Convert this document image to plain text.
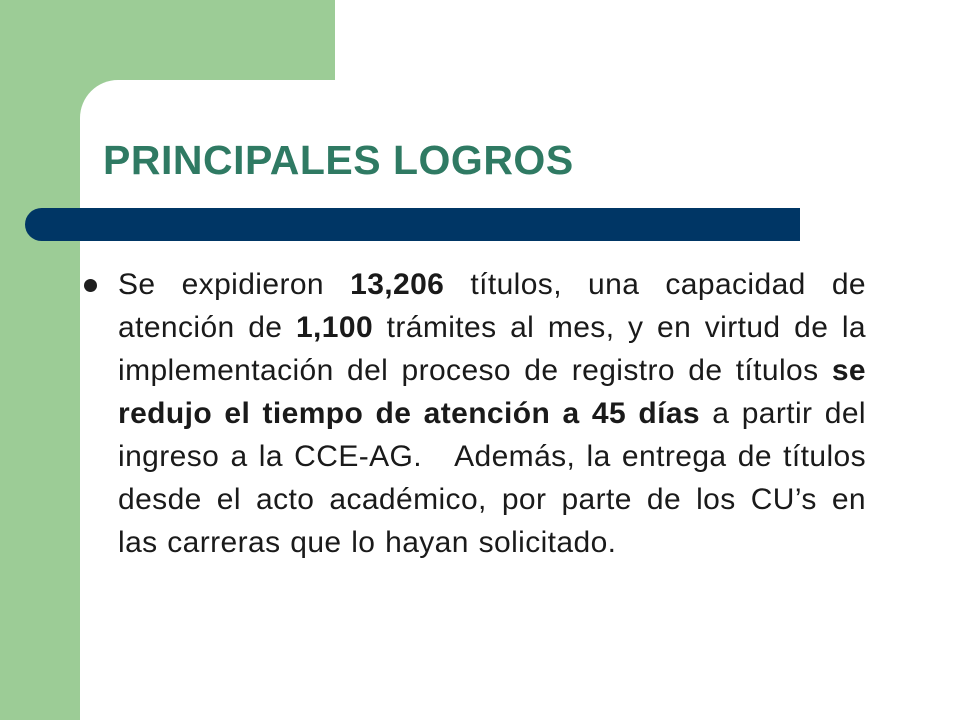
PRINCIPALES LOGROS

Se expidieron 13,206 títulos, una capacidad de atención de 1,100 trámites al mes, y en virtud de la implementación del proceso de registro de títulos se redujo el tiempo de atención a 45 días a partir del ingreso a la CCE-AG.   Además, la entrega de títulos desde el acto académico, por parte de los CU’s en las carreras que lo hayan solicitado.
